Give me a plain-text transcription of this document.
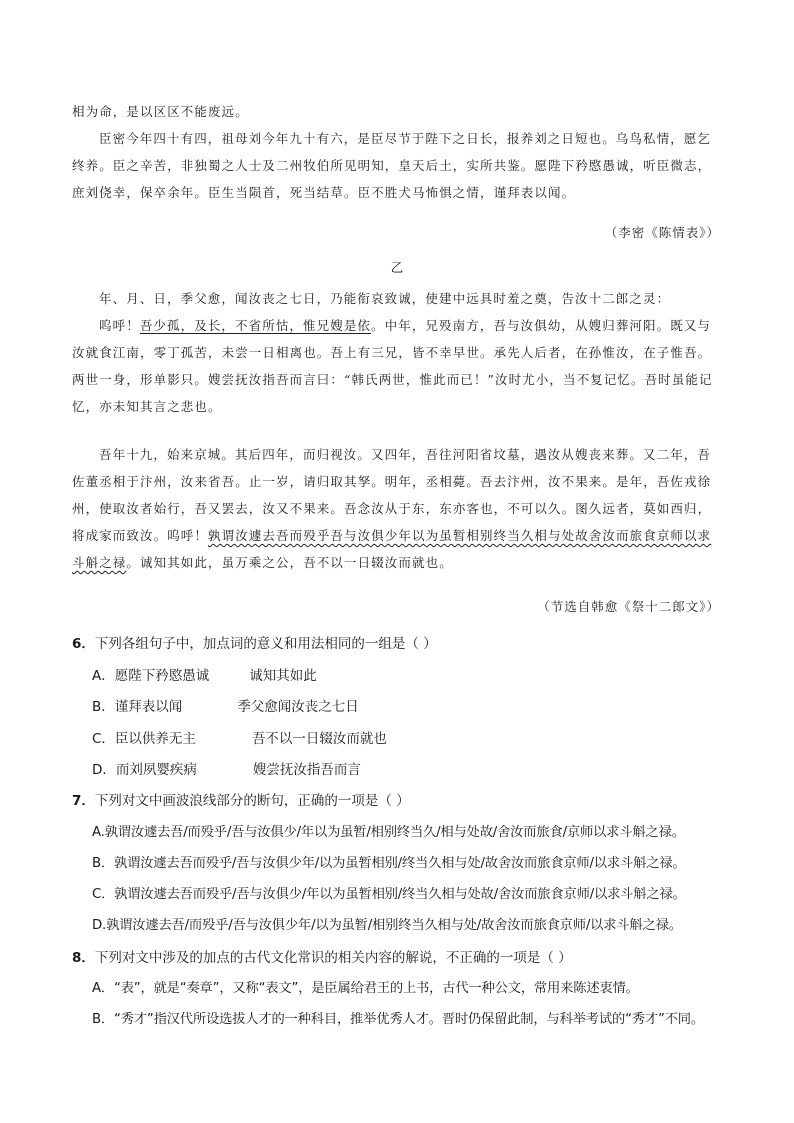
相为命，是以区区不能废远。

臣密今年四十有四，祖母刘今年九十有六，是臣尽节于陛下之日长，报养刘之日短也。乌鸟私情，愿乞终养。臣之辛苦，非独蜀之人士及二州牧伯所见明知，皇天后土，实所共鉴。愿陛下矜愍愚诚，听臣微志，庶刘侥幸，保卒余年。臣生当陨首，死当结草。臣不胜犬马怖惧之情，谨拜表以闻。

（李密《陈情表》）

乙

年、月、日，季父愈，闻汝丧之七日，乃能衔哀致诚，使建中远具时羞之奠，告汝十二郎之灵：

呜呼！吾少孤，及长，不省所怙，惟兄嫂是依。中年，兄殁南方，吾与汝俱幼，从嫂归葬河阳。既又与汝就食江南，零丁孤苦，未尝一日相离也。吾上有三兄，皆不幸早世。承先人后者，在孙惟汝，在子惟吾。两世一身，形单影只。嫂尝抚汝指吾而言曰：“韩氏两世，惟此而已！”汝时尤小，当不复记忆。吾时虽能记忆，亦未知其言之悲也。

吾年十九，始来京城。其后四年，而归视汝。又四年，吾往河阳省坟墓，遇汝从嫂丧来葬。又二年，吾佐董丞相于汴州，汝来省吾。止一岁，请归取其孥。明年，丞相薨。吾去汴州，汝不果来。是年，吾佐戎徐州，使取汝者始行，吾又罢去，汝又不果来。吾念汝从于东，东亦客也，不可以久。图久远者，莫如西归，将成家而致汝。呜呼！孰谓汝遽去吾而殁乎吾与汝俱少年以为虽暂相别终当久相与处故舍汝而旅食京师以求斗斛之禄。诚知其如此，虽万乘之公，吾不以一日辍汝而就也。

（节选自韩愈《祭十二郎文》）

6．下列各组句子中，加点词的意义和用法相同的一组是（ ）

A．愿陛下矜愍愚诚	诚知其如此

B．谨拜表以闻	季父愈闻汝丧之七日

C．臣以供养无主	吾不以一日辍汝而就也

D．而刘夙婴疾病	嫂尝抚汝指吾而言

7．下列对文中画波浪线部分的断句，正确的一项是（ ）

A.孰谓汝遽去吾/而殁乎/吾与汝俱少/年以为虽暂/相别终当久/相与处故/舍汝而旅食/京师以求斗斛之禄。

B．孰谓汝遽去吾而殁乎/吾与汝俱少年/以为虽暂相别/终当久相与处/故舍汝而旅食京师/以求斗斛之禄。

C．孰谓汝遽去吾而殁乎/吾与汝俱少/年以为虽暂相别/终当久相与处故/舍汝而旅食京师/以求斗斛之禄。

D.孰谓汝遽去吾/而殁乎/吾与汝俱少年/以为虽暂/相别终当久相与处/故舍汝而旅食京师/以求斗斛之禄。

8．下列对文中涉及的加点的古代文化常识的相关内容的解说，不正确的一项是（ ）

A．“表”，就是“奏章”，又称“表文”，是臣属给君王的上书，古代一种公文，常用来陈述衷情。

B．“秀才”指汉代所设选拔人才的一种科目，推举优秀人才。晋时仍保留此制，与科举考试的“秀才”不同。
